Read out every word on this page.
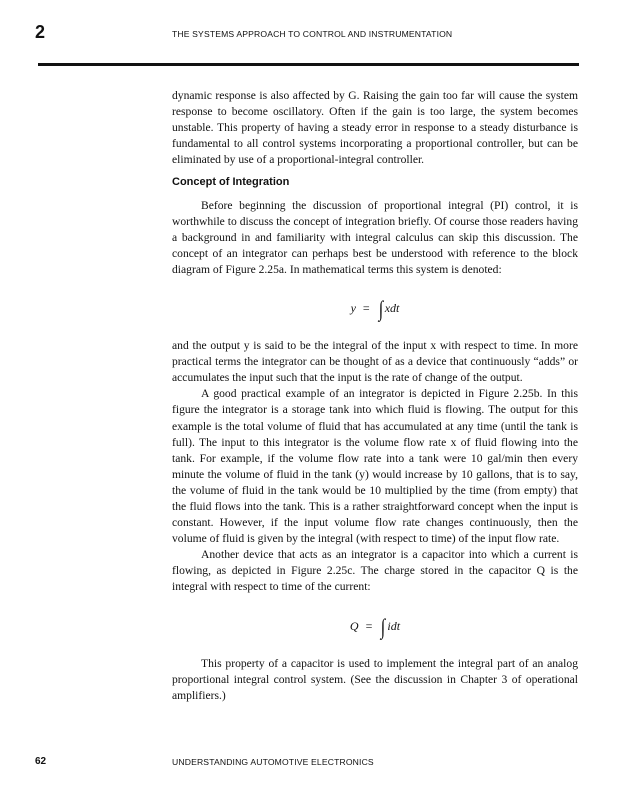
2	THE SYSTEMS APPROACH TO CONTROL AND INSTRUMENTATION

dynamic response is also affected by G. Raising the gain too far will cause the system response to become oscillatory. Often if the gain is too large, the system becomes unstable. This property of having a steady error in response to a steady disturbance is fundamental to all control systems incorporating a proportional controller, but can be eliminated by use of a proportional-integral controller.

Concept of Integration

Before beginning the discussion of proportional integral (PI) control, it is worthwhile to discuss the concept of integration briefly. Of course those readers having a background in and familiarity with integral calculus can skip this discussion. The concept of an integrator can perhaps best be understood with reference to the block diagram of Figure 2.25a. In mathematical terms this system is denoted:

y = ∫ xdt

and the output y is said to be the integral of the input x with respect to time. In more practical terms the integrator can be thought of as a device that continuously “adds” or accumulates the input such that the input is the rate of change of the output.

A good practical example of an integrator is depicted in Figure 2.25b. In this figure the integrator is a storage tank into which fluid is flowing. The output for this example is the total volume of fluid that has accumulated at any time (until the tank is full). The input to this integrator is the volume flow rate x of fluid flowing into the tank. For example, if the volume flow rate into a tank were 10 gal/min then every minute the volume of fluid in the tank (y) would increase by 10 gallons, that is to say, the volume of fluid in the tank would be 10 multiplied by the time (from empty) that the fluid flows into the tank. This is a rather straightforward concept when the input is constant. However, if the input volume flow rate changes continuously, then the volume of fluid is given by the integral (with respect to time) of the input flow rate.

Another device that acts as an integrator is a capacitor into which a current is flowing, as depicted in Figure 2.25c. The charge stored in the capacitor Q is the integral with respect to time of the current:

Q = ∫ idt

This property of a capacitor is used to implement the integral part of an analog proportional integral control system. (See the discussion in Chapter 3 of operational amplifiers.)

62	UNDERSTANDING AUTOMOTIVE ELECTRONICS
